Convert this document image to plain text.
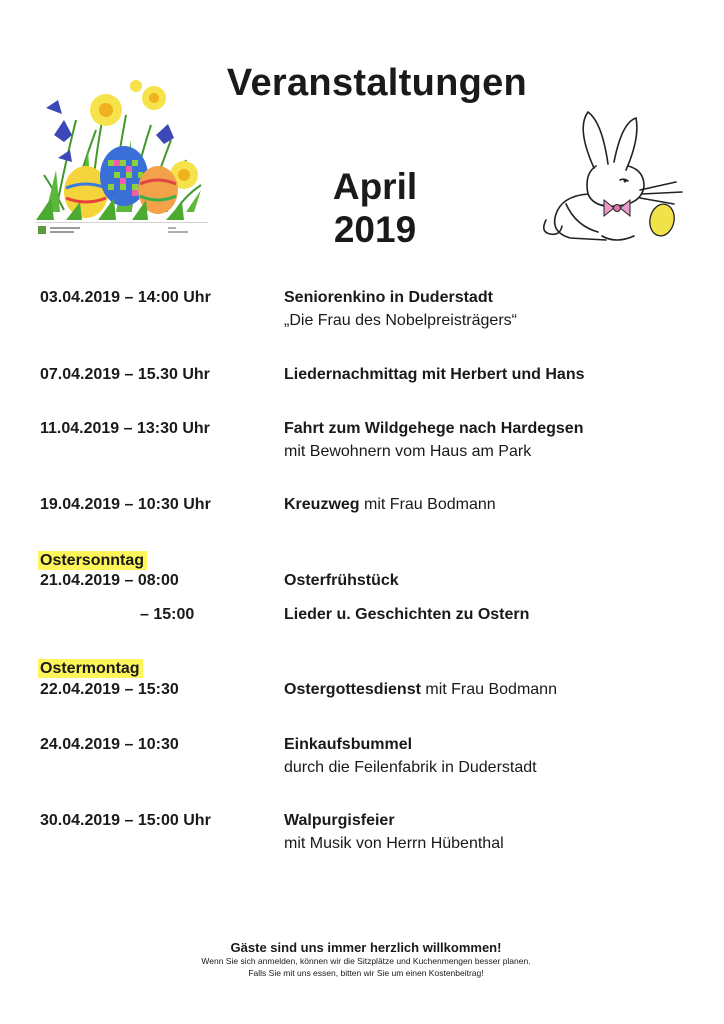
Veranstaltungen
April
2019
03.04.2019 – 14:00 Uhr	Seniorenkino in Duderstadt
„Die Frau des Nobelpreisträgers“
07.04.2019 – 15.30 Uhr	Liedernachmittag mit Herbert und Hans
11.04.2019 – 13:30 Uhr	Fahrt zum Wildgehege nach Hardegsen
mit Bewohnern vom Haus am Park
19.04.2019 – 10:30 Uhr	Kreuzweg mit Frau Bodmann
Ostersonntag
21.04.2019 – 08:00	Osterfrühstück
– 15:00	Lieder u. Geschichten zu Ostern
Ostermontag
22.04.2019 – 15:30	Ostergottesdienst mit Frau Bodmann
24.04.2019 – 10:30	Einkaufsbummel
durch die Feilenfabrik in Duderstadt
30.04.2019 – 15:00 Uhr	Walpurgisfeier
mit Musik von Herrn Hübenthal
Gäste sind uns immer herzlich willkommen!
Wenn Sie sich anmelden, können wir die Sitzplätze und Kuchenmengen besser planen.
Falls Sie mit uns essen, bitten wir Sie um einen Kostenbeitrag!
